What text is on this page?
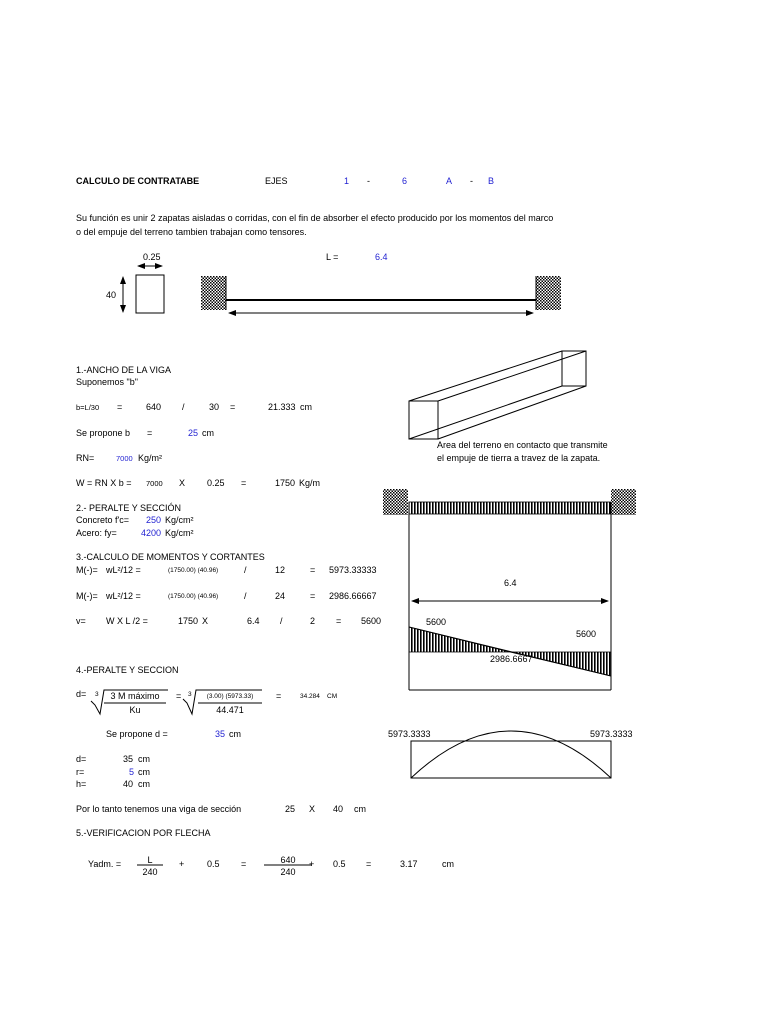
CALCULO DE CONTRATABE	EJES	1 -	6	A - B
Su función es unir 2 zapatas aisladas o corridas, con el fin de absorber el efecto producido por los momentos del marco
o del empuje del terreno tambien trabajan como tensores.
0.25
40
L =	6.4
1.-ANCHO DE LA VIGA
Suponemos "b"
b=L/30 =	640 /	30 =	21.333 cm
Se propone b =	25 cm
RN=	7000 Kg/m²
W = RN X b = 7000 X 0.25 =	1750 Kg/m
Area del terreno en contacto que transmite
el empuje de tierra a travez de la zapata.
2.- PERALTE Y SECCIÓN
Concreto f'c= 250 Kg/cm²
Acero: fy=	4200 Kg/cm²
3.-CALCULO DE MOMENTOS Y CORTANTES
M(-)= wL²/12 =	(1750.00) (40.96)	/	12	= 5973.33333
M(-)= wL²/12 =	(1750.00) (40.96)	/	24	= 2986.66667
v= W X L /2 =	1750 X	6.4 /	2 = 5600
6.4
5600
5600
2986.6667
5973.3333	5973.3333
4.-PERALTE Y SECCION
d= 3	3 M máximo
Ku
= 3	(3.00) (5973.33)
44.471
=	34.284 CM
Se propone d =	35 cm
d=	35 cm
r=	5 cm
h=	40 cm
Por lo tanto tenemos una viga de sección	25 X 40 cm
5.-VERIFICACION POR FLECHA
Yadm. =	L
240
+	0.5 =	640
240
+ 0.5 =	3.17	cm
